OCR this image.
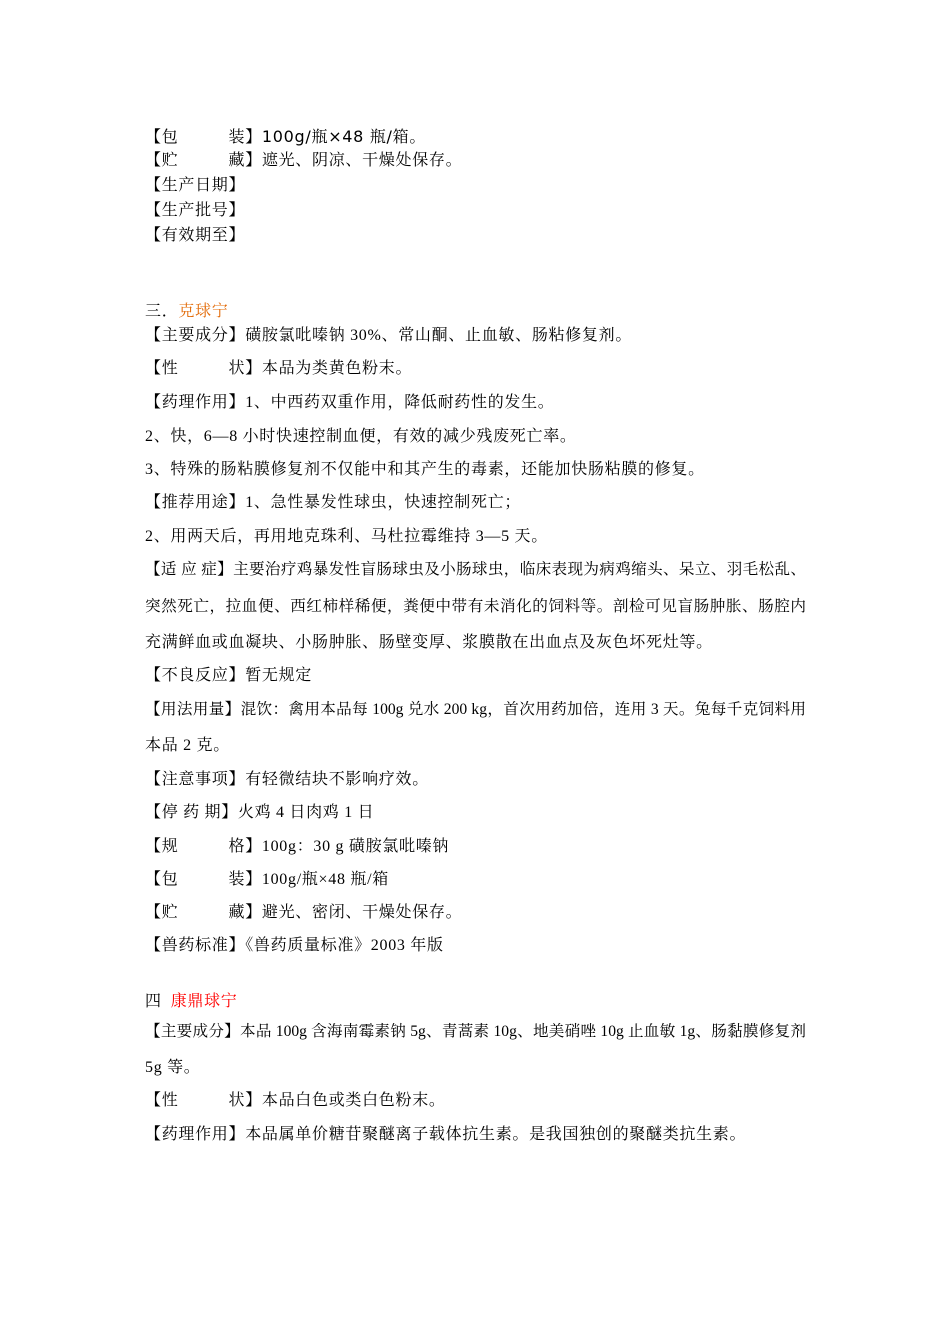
【包　　　装】100g/瓶×48 瓶/箱。
【贮　　　藏】遮光、阴凉、干燥处保存。
【生产日期】
【生产批号】
【有效期至】
三．克球宁
【主要成分】磺胺氯吡嗪钠 30%、常山酮、止血敏、肠粘修复剂。
【性　　　状】本品为类黄色粉末。
【药理作用】1、中西药双重作用，降低耐药性的发生。
2、快，6—8 小时快速控制血便，有效的减少残废死亡率。
3、特殊的肠粘膜修复剂不仅能中和其产生的毒素，还能加快肠粘膜的修复。
【推荐用途】1、急性暴发性球虫，快速控制死亡；
2、用两天后，再用地克珠利、马杜拉霉维持 3—5 天。
【适 应 症】主要治疗鸡暴发性盲肠球虫及小肠球虫，临床表现为病鸡缩头、呆立、羽毛松乱、
突然死亡，拉血便、西红柿样稀便，粪便中带有未消化的饲料等。剖检可见盲肠肿胀、肠腔内
充满鲜血或血凝块、小肠肿胀、肠壁变厚、浆膜散在出血点及灰色坏死灶等。
【不良反应】暂无规定
【用法用量】混饮：禽用本品每 100g 兑水 200 kg，首次用药加倍，连用 3 天。兔每千克饲料用
本品 2 克。
【注意事项】有轻微结块不影响疗效。
【停 药 期】火鸡 4 日肉鸡 1 日
【规　　　格】100g：30 g 磺胺氯吡嗪钠
【包　　　装】100g/瓶×48 瓶/箱
【贮　　　藏】避光、密闭、干燥处保存。
【兽药标准】《兽药质量标准》2003 年版
四 康鼎球宁
【主要成分】本品 100g 含海南霉素钠 5g、青蒿素 10g、地美硝唑 10g 止血敏 1g、肠黏膜修复剂
5g 等。
【性　　　状】本品白色或类白色粉末。
【药理作用】本品属单价糖苷聚醚离子载体抗生素。是我国独创的聚醚类抗生素。
